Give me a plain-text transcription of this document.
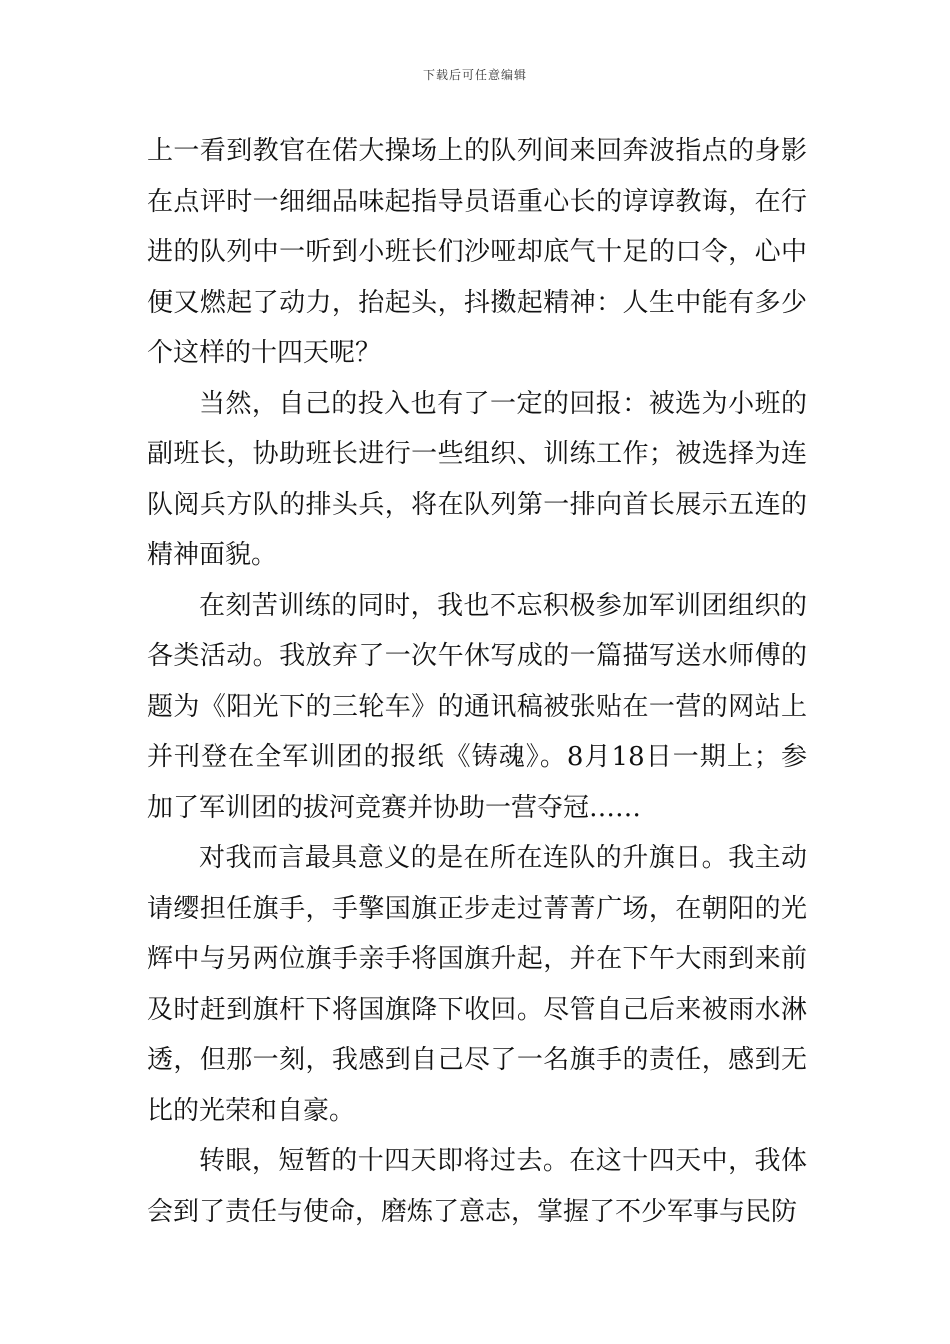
下载后可任意编辑

上一看到教官在偌大操场上的队列间来回奔波指点的身影在点评时一细细品味起指导员语重心长的谆谆教诲，在行进的队列中一听到小班长们沙哑却底气十足的口令，心中便又燃起了动力，抬起头，抖擞起精神：人生中能有多少个这样的十四天呢？

当然，自己的投入也有了一定的回报：被选为小班的副班长，协助班长进行一些组织、训练工作；被选择为连队阅兵方队的排头兵，将在队列第一排向首长展示五连的精神面貌。

在刻苦训练的同时，我也不忘积极参加军训团组织的各类活动。我放弃了一次午休写成的一篇描写送水师傅的题为《阳光下的三轮车》的通讯稿被张贴在一营的网站上并刊登在全军训团的报纸《铸魂》。8月18日一期上；参加了军训团的拔河竞赛并协助一营夺冠……

对我而言最具意义的是在所在连队的升旗日。我主动请缨担任旗手，手擎国旗正步走过菁菁广场，在朝阳的光辉中与另两位旗手亲手将国旗升起，并在下午大雨到来前及时赶到旗杆下将国旗降下收回。尽管自己后来被雨水淋透，但那一刻，我感到自己尽了一名旗手的责任，感到无比的光荣和自豪。

转眼，短暂的十四天即将过去。在这十四天中，我体会到了责任与使命，磨炼了意志，掌握了不少军事与民防
